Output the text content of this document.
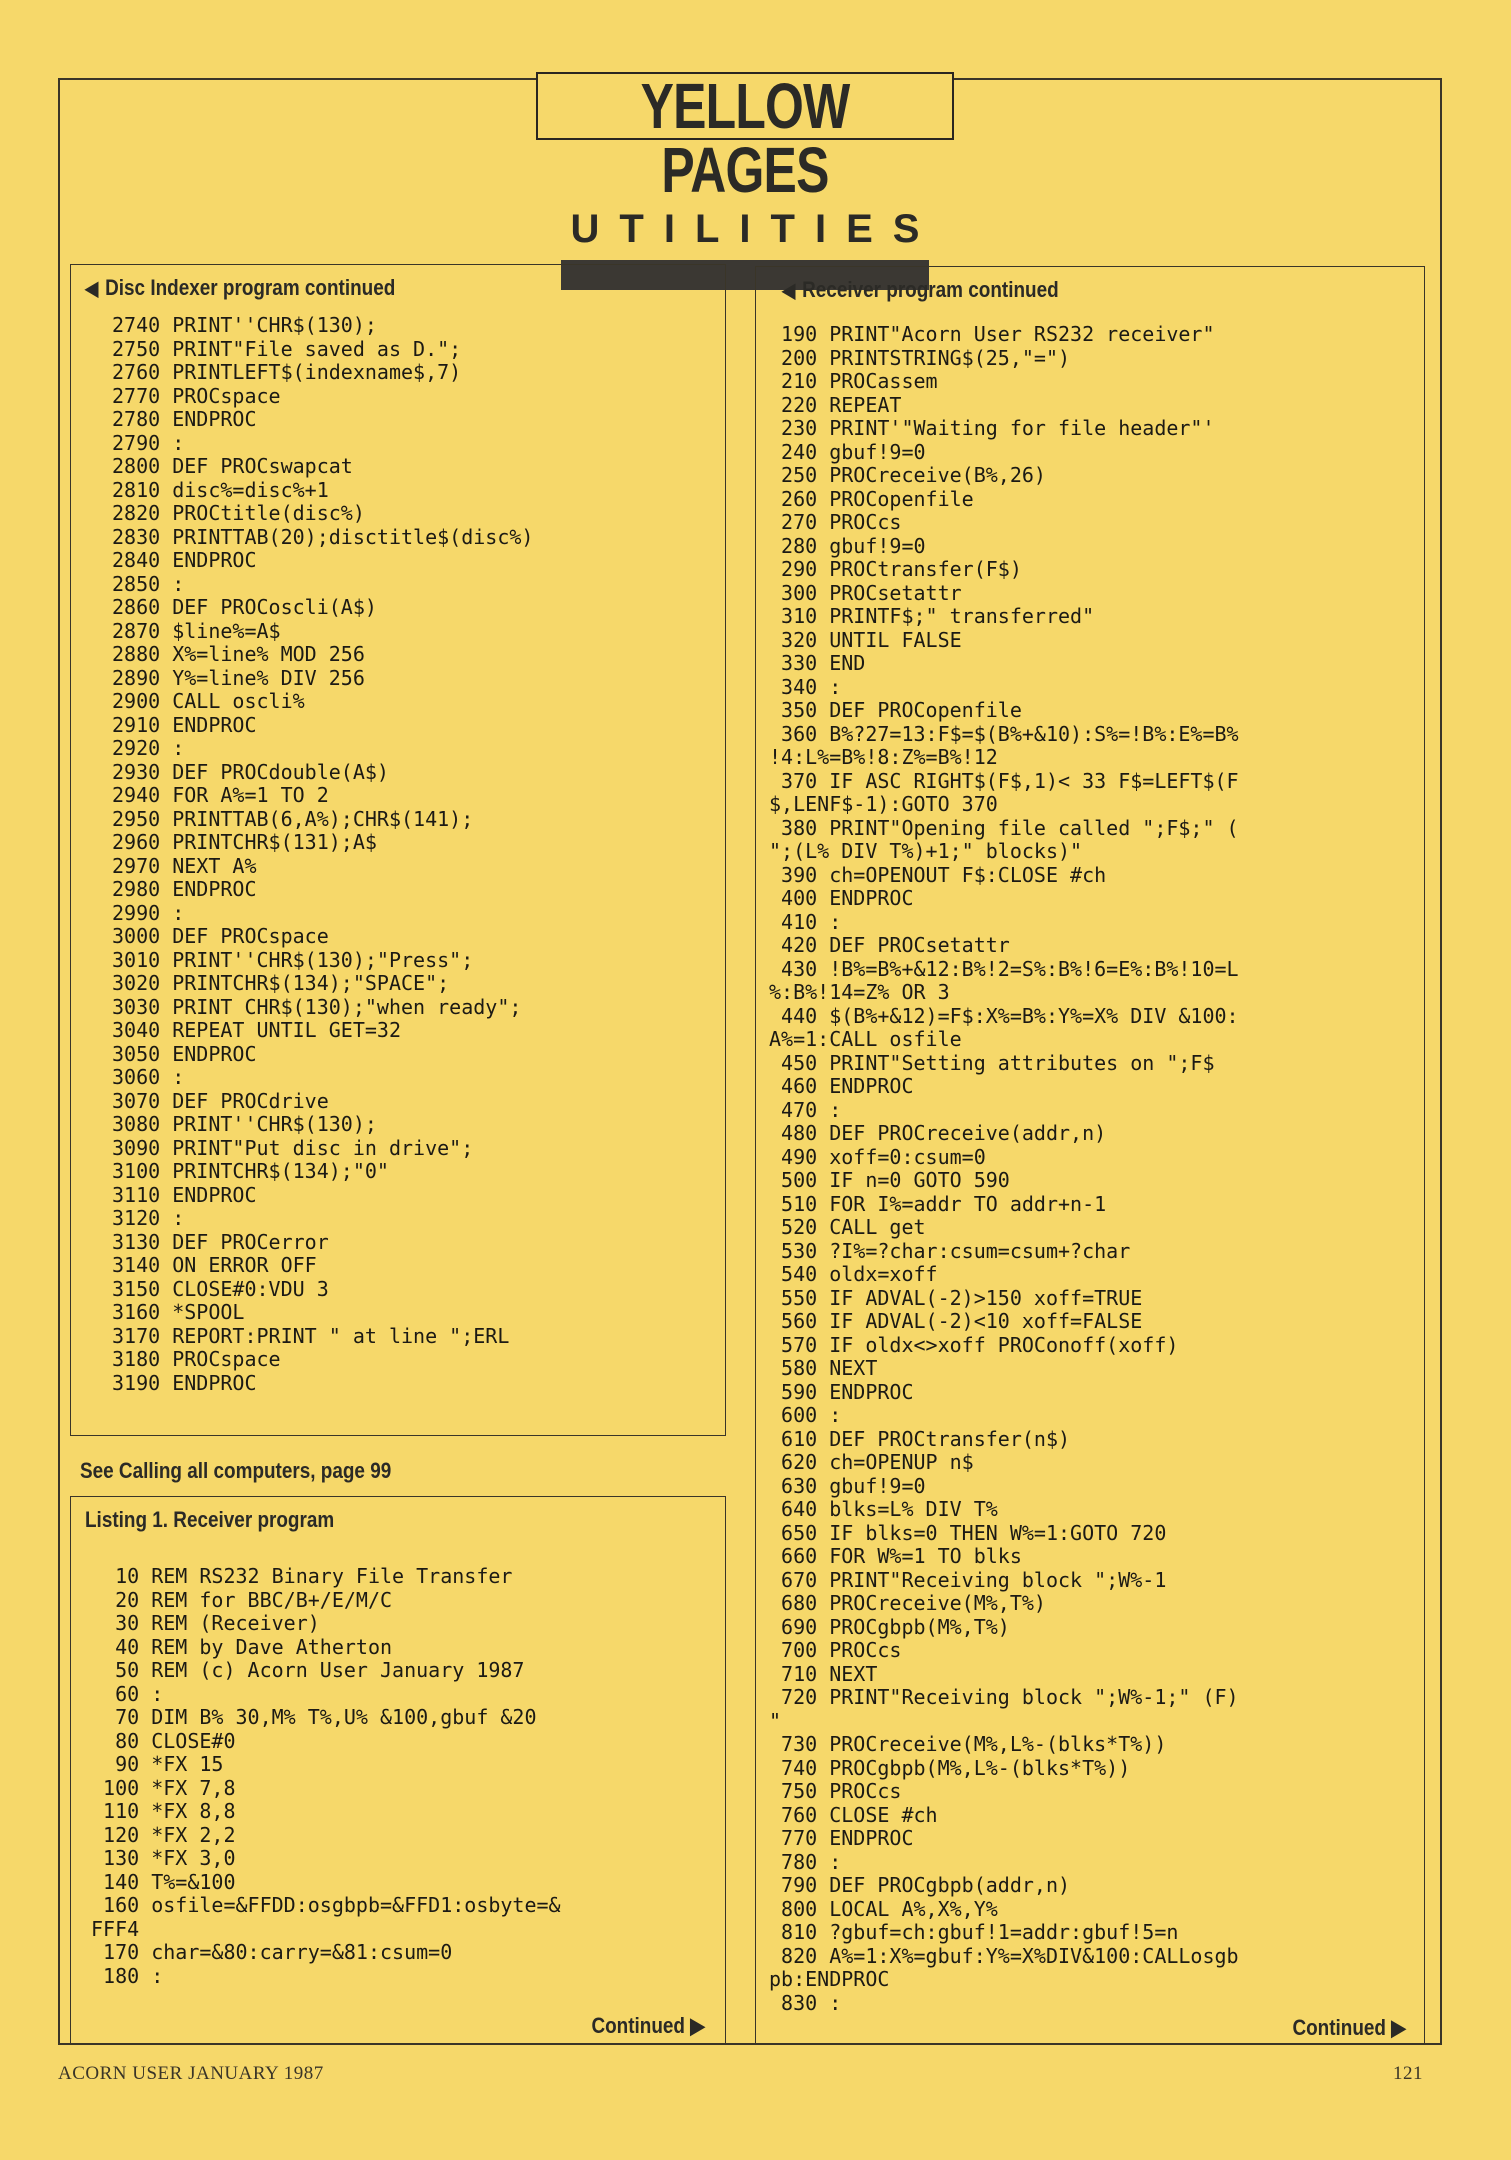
YELLOW PAGES
UTILITIES
◀ Disc Indexer program continued
2740 PRINT''CHR$(130);
2750 PRINT"File saved as D.";
2760 PRINTLEFT$(indexname$,7)
2770 PROCspace
2780 ENDPROC
2790 :
2800 DEF PROCswapcat
2810 disc%=disc%+1
2820 PROCtitle(disc%)
2830 PRINTTAB(20);disctitle$(disc%)
2840 ENDPROC
2850 :
2860 DEF PROCoscli(A$)
2870 $line%=A$
2880 X%=line% MOD 256
2890 Y%=line% DIV 256
2900 CALL oscli%
2910 ENDPROC
2920 :
2930 DEF PROCdouble(A$)
2940 FOR A%=1 TO 2
2950 PRINTTAB(6,A%);CHR$(141);
2960 PRINTCHR$(131);A$
2970 NEXT A%
2980 ENDPROC
2990 :
3000 DEF PROCspace
3010 PRINT''CHR$(130);"Press";
3020 PRINTCHR$(134);"SPACE";
3030 PRINT CHR$(130);"when ready";
3040 REPEAT UNTIL GET=32
3050 ENDPROC
3060 :
3070 DEF PROCdrive
3080 PRINT''CHR$(130);
3090 PRINT"Put disc in drive";
3100 PRINTCHR$(134);"0"
3110 ENDPROC
3120 :
3130 DEF PROCerror
3140 ON ERROR OFF
3150 CLOSE#0:VDU 3
3160 *SPOOL
3170 REPORT:PRINT " at line ";ERL
3180 PROCspace
3190 ENDPROC
See Calling all computers, page 99
Listing 1. Receiver program
10 REM RS232 Binary File Transfer
20 REM for BBC/B+/E/M/C
30 REM (Receiver)
40 REM by Dave Atherton
50 REM (c) Acorn User January 1987
60 :
70 DIM B% 30,M% T%,U% &100,gbuf &20
80 CLOSE#0
90 *FX 15
100 *FX 7,8
110 *FX 8,8
120 *FX 2,2
130 *FX 3,0
140 T%=&100
160 osfile=&FFDD:osgbpb=&FFD1:osbyte=&
FFF4
170 char=&80:carry=&81:csum=0
180 :
Continued ▶
◀ Receiver program continued
190 PRINT"Acorn User RS232 receiver"
200 PRINTSTRING$(25,"=")
210 PROCassem
220 REPEAT
230 PRINT'"Waiting for file header"'
240 gbuf!9=0
250 PROCreceive(B%,26)
260 PROCopenfile
270 PROCcs
280 gbuf!9=0
290 PROCtransfer(F$)
300 PROCsetattr
310 PRINTF$;" transferred"
320 UNTIL FALSE
330 END
340 :
350 DEF PROCopenfile
360 B%?27=13:F$=$(B%+&10):S%=!B%:E%=B%
!4:L%=B%!8:Z%=B%!12
370 IF ASC RIGHT$(F$,1)< 33 F$=LEFT$(F
$,LENF$-1):GOTO 370
380 PRINT"Opening file called ";F$;" (
";(L% DIV T%)+1;" blocks)"
390 ch=OPENOUT F$:CLOSE #ch
400 ENDPROC
410 :
420 DEF PROCsetattr
430 !B%=B%+&12:B%!2=S%:B%!6=E%:B%!10=L
%:B%!14=Z% OR 3
440 $(B%+&12)=F$:X%=B%:Y%=X% DIV &100:
A%=1:CALL osfile
450 PRINT"Setting attributes on ";F$
460 ENDPROC
470 :
480 DEF PROCreceive(addr,n)
490 xoff=0:csum=0
500 IF n=0 GOTO 590
510 FOR I%=addr TO addr+n-1
520 CALL get
530 ?I%=?char:csum=csum+?char
540 oldx=xoff
550 IF ADVAL(-2)>150 xoff=TRUE
560 IF ADVAL(-2)<10 xoff=FALSE
570 IF oldx<>xoff PROConoff(xoff)
580 NEXT
590 ENDPROC
600 :
610 DEF PROCtransfer(n$)
620 ch=OPENUP n$
630 gbuf!9=0
640 blks=L% DIV T%
650 IF blks=0 THEN W%=1:GOTO 720
660 FOR W%=1 TO blks
670 PRINT"Receiving block ";W%-1
680 PROCreceive(M%,T%)
690 PROCgbpb(M%,T%)
700 PROCcs
710 NEXT
720 PRINT"Receiving block ";W%-1;" (F)
"
730 PROCreceive(M%,L%-(blks*T%))
740 PROCgbpb(M%,L%-(blks*T%))
750 PROCcs
760 CLOSE #ch
770 ENDPROC
780 :
790 DEF PROCgbpb(addr,n)
800 LOCAL A%,X%,Y%
810 ?gbuf=ch:gbuf!1=addr:gbuf!5=n
820 A%=1:X%=gbuf:Y%=X%DIV&100:CALLosgb
pb:ENDPROC
830 :
Continued ▶
ACORN USER JANUARY 1987	121
